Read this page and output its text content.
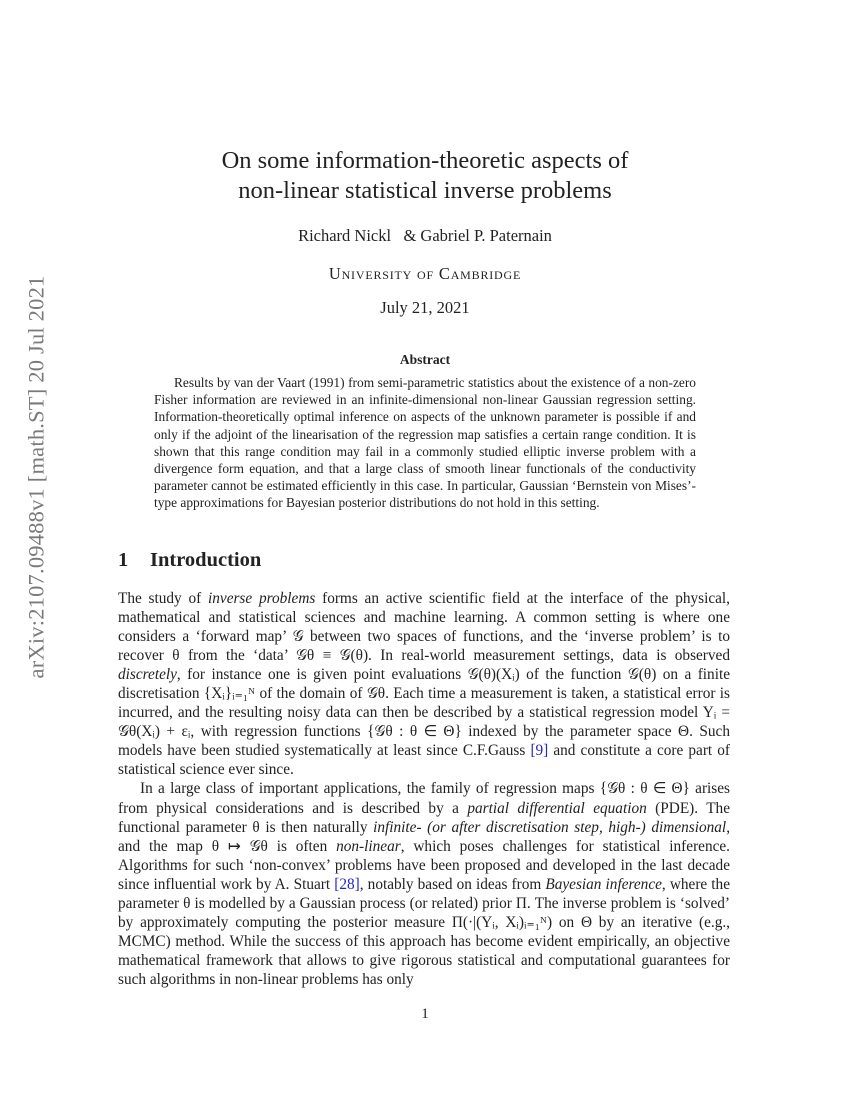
arXiv:2107.09488v1 [math.ST] 20 Jul 2021
On some information-theoretic aspects of
non-linear statistical inverse problems
Richard Nickl   & Gabriel P. Paternain
University of Cambridge
July 21, 2021
Abstract

Results by van der Vaart (1991) from semi-parametric statistics about the existence of a non-zero Fisher information are reviewed in an infinite-dimensional non-linear Gaussian regression setting. Information-theoretically optimal inference on aspects of the unknown parameter is possible if and only if the adjoint of the linearisation of the regression map satisfies a certain range condition. It is shown that this range condition may fail in a commonly studied elliptic inverse problem with a divergence form equation, and that a large class of smooth linear functionals of the conductivity parameter cannot be estimated efficiently in this case. In particular, Gaussian ‘Bernstein von Mises’-type approximations for Bayesian posterior distributions do not hold in this setting.

1 Introduction

The study of inverse problems forms an active scientific field at the interface of the physical, mathematical and statistical sciences and machine learning. A common setting is where one considers a ‘forward map’ 𝒢 between two spaces of functions, and the ‘inverse problem’ is to recover θ from the ‘data’ 𝒢θ ≡ 𝒢(θ). In real-world measurement settings, data is observed discretely, for instance one is given point evaluations 𝒢(θ)(Xᵢ) of the function 𝒢(θ) on a finite discretisation {Xᵢ}ᵢ₌₁ᴺ of the domain of 𝒢θ. Each time a measurement is taken, a statistical error is incurred, and the resulting noisy data can then be described by a statistical regression model Yᵢ = 𝒢θ(Xᵢ) + εᵢ, with regression functions {𝒢θ : θ ∈ Θ} indexed by the parameter space Θ. Such models have been studied systematically at least since C.F.Gauss [9] and constitute a core part of statistical science ever since.

In a large class of important applications, the family of regression maps {𝒢θ : θ ∈ Θ} arises from physical considerations and is described by a partial differential equation (PDE). The functional parameter θ is then naturally infinite- (or after discretisation step, high-) dimensional, and the map θ ↦ 𝒢θ is often non-linear, which poses challenges for statistical inference. Algorithms for such ‘non-convex’ problems have been proposed and developed in the last decade since influential work by A. Stuart [28], notably based on ideas from Bayesian inference, where the parameter θ is modelled by a Gaussian process (or related) prior Π. The inverse problem is ‘solved’ by approximately computing the posterior measure Π(·|(Yᵢ, Xᵢ)ᵢ₌₁ᴺ) on Θ by an iterative (e.g., MCMC) method. While the success of this approach has become evident empirically, an objective mathematical framework that allows to give rigorous statistical and computational guarantees for such algorithms in non-linear problems has only

1
